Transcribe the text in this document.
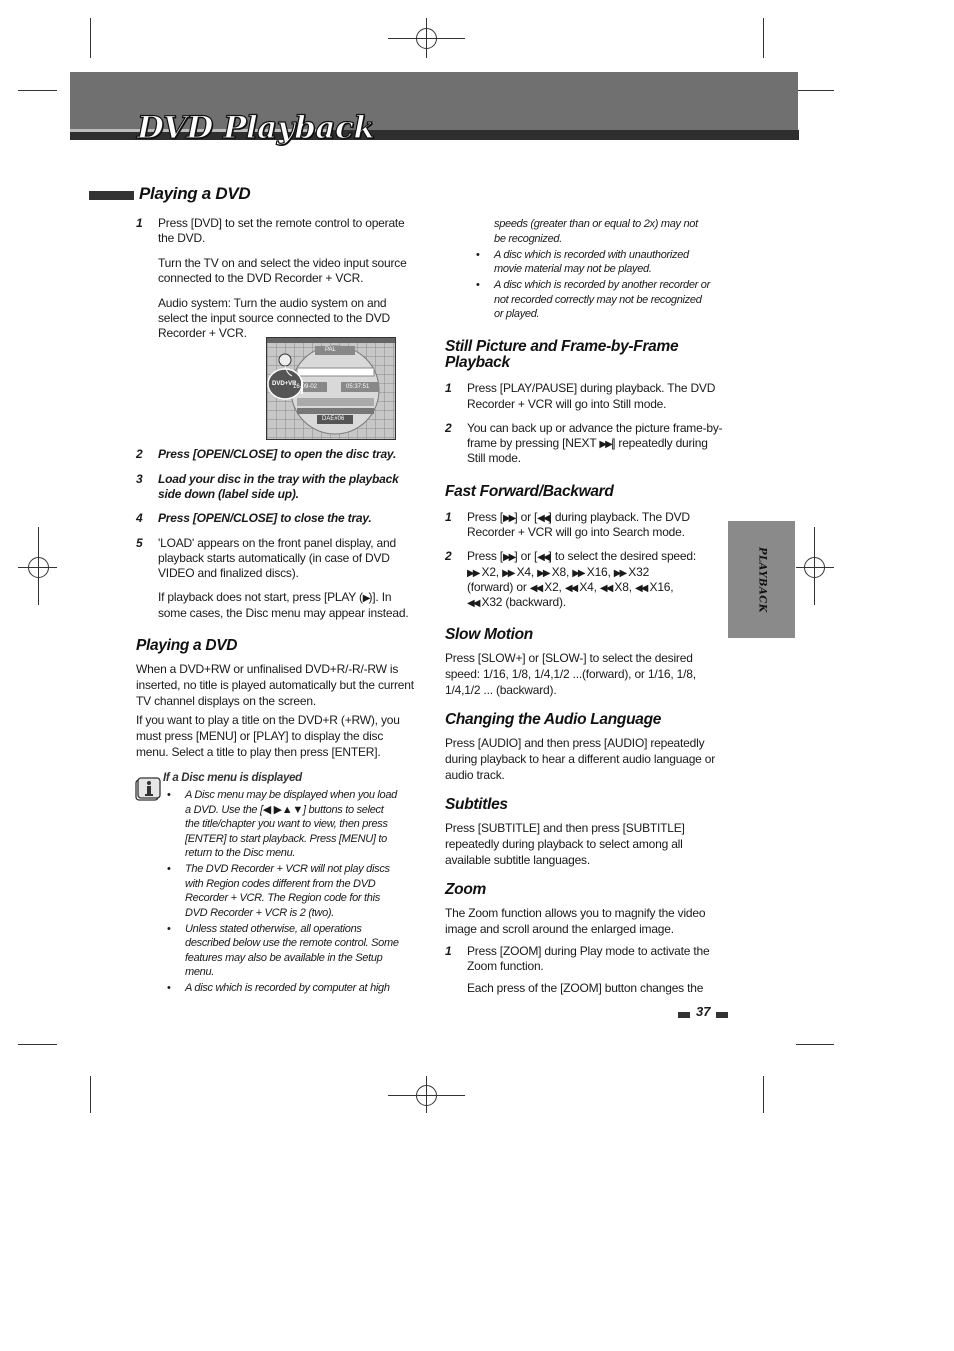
DVD Playback
PLAYBACK
Playing a DVD

1 Press [DVD] to set the remote control to operate

the DVD.

Turn the TV on and select the video input source

connected to the DVD Recorder + VCR.

Audio system: Turn the audio system on and

select the input source connected to the DVD

Recorder + VCR.

PAL
16-09-02	05:37:51
DAE#06
DVD+VR

2 Press [OPEN/CLOSE] to open the disc tray.

3 Load your disc in the tray with the playback

side down (label side up).

4 Press [OPEN/CLOSE] to close the tray.

5 'LOAD' appears on the front panel display, and

playback starts automatically (in case of DVD

VIDEO and finalized discs).

If playback does not start, press [PLAY (▶)]. In

some cases, the Disc menu may appear instead.

Playing a DVD

When a DVD+RW or unfinalised DVD+R/-R/-RW is

inserted, no title is played automatically but the current

TV channel displays on the screen.

If you want to play a title on the DVD+R (+RW), you

must press [MENU] or [PLAY] to display the disc

menu. Select a title to play then press [ENTER].

If a Disc menu is displayed

• A Disc menu may be displayed when you load

a DVD. Use the [◀ ▶▲▼] buttons to select

the title/chapter you want to view, then press

[ENTER] to start playback. Press [MENU] to

return to the Disc menu.

• The DVD Recorder + VCR will not play discs

with Region codes different from the DVD

Recorder + VCR. The Region code for this

DVD Recorder + VCR is 2 (two).

• Unless stated otherwise, all operations

described below use the remote control. Some

features may also be available in the Setup

menu.

• A disc which is recorded by computer at high

speeds (greater than or equal to 2x) may not

be recognized.

• A disc which is recorded with unauthorized

movie material may not be played.

• A disc which is recorded by another recorder or

not recorded correctly may not be recognized

or played.

Still Picture and Frame-by-Frame
Playback

1 Press [PLAY/PAUSE] during playback. The DVD

Recorder + VCR will go into Still mode.

2 You can back up or advance the picture frame-by-

frame by pressing [NEXT ▶▶|] repeatedly during

Still mode.

Fast Forward/Backward

1 Press [▶▶] or [◀◀] during playback. The DVD

Recorder + VCR will go into Search mode.

2 Press [▶▶] or [◀◀] to select the desired speed:

▶▶ X2, ▶▶ X4, ▶▶ X8, ▶▶ X16, ▶▶ X32

(forward) or ◀◀ X2, ◀◀ X4, ◀◀ X8, ◀◀ X16,

◀◀ X32 (backward).

Slow Motion

Press [SLOW+] or [SLOW-] to select the desired

speed: 1/16, 1/8, 1/4,1/2 ...(forward), or 1/16, 1/8,

1/4,1/2 ... (backward).

Changing the Audio Language

Press [AUDIO] and then press [AUDIO] repeatedly

during playback to hear a different audio language or

audio track.

Subtitles

Press [SUBTITLE] and then press [SUBTITLE]

repeatedly during playback to select among all

available subtitle languages.

Zoom

The Zoom function allows you to magnify the video

image and scroll around the enlarged image.

1 Press [ZOOM] during Play mode to activate the

Zoom function.

Each press of the [ZOOM] button changes the

37
